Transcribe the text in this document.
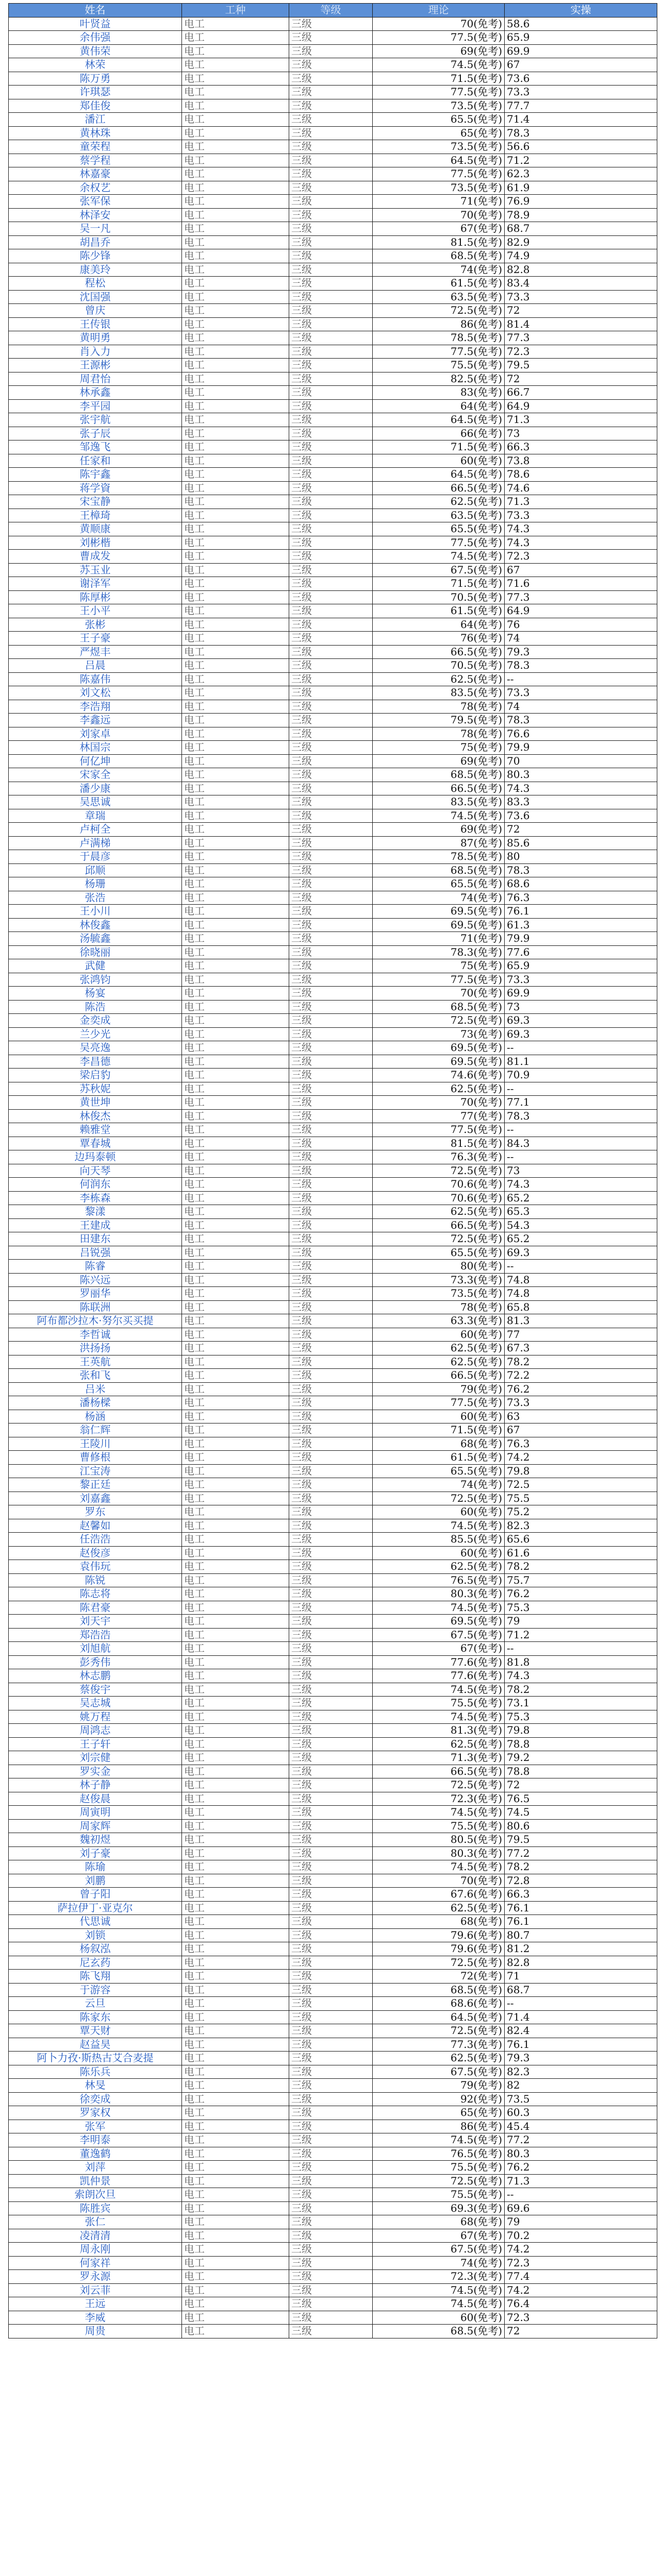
姓名	工种	等级	理论	实操
叶贤益	电工	三级	70(免考)	58.6
余伟强	电工	三级	77.5(免考)	65.9
黄伟荣	电工	三级	69(免考)	69.9
林荣	电工	三级	74.5(免考)	67
陈万勇	电工	三级	71.5(免考)	73.6
许琪瑟	电工	三级	77.5(免考)	73.3
郑佳俊	电工	三级	73.5(免考)	77.7
潘江	电工	三级	65.5(免考)	71.4
黄林珠	电工	三级	65(免考)	78.3
童荣程	电工	三级	73.5(免考)	56.6
蔡学程	电工	三级	64.5(免考)	71.2
林嘉豪	电工	三级	77.5(免考)	62.3
余权艺	电工	三级	73.5(免考)	61.9
张军保	电工	三级	71(免考)	76.9
林泽安	电工	三级	70(免考)	78.9
吴一凡	电工	三级	67(免考)	68.7
胡昌乔	电工	三级	81.5(免考)	82.9
陈少锋	电工	三级	68.5(免考)	74.9
康美玲	电工	三级	74(免考)	82.8
程松	电工	三级	61.5(免考)	83.4
沈国强	电工	三级	63.5(免考)	73.3
曾庆	电工	三级	72.5(免考)	72
王传银	电工	三级	86(免考)	81.4
黄明勇	电工	三级	78.5(免考)	77.3
肖入力	电工	三级	77.5(免考)	72.3
王源彬	电工	三级	75.5(免考)	79.5
周君怡	电工	三级	82.5(免考)	72
林承鑫	电工	三级	83(免考)	66.7
李平园	电工	三级	64(免考)	64.9
张宇航	电工	三级	64.5(免考)	71.3
张子辰	电工	三级	66(免考)	73
邹逸飞	电工	三级	71.5(免考)	66.3
任家和	电工	三级	60(免考)	73.8
陈宇鑫	电工	三级	64.5(免考)	78.6
蒋学資	电工	三级	66.5(免考)	74.6
宋宝静	电工	三级	62.5(免考)	71.3
王樟琦	电工	三级	63.5(免考)	73.3
黄顺康	电工	三级	65.5(免考)	74.3
刘彬楷	电工	三级	77.5(免考)	74.3
曹成发	电工	三级	74.5(免考)	72.3
苏玉业	电工	三级	67.5(免考)	67
谢泽军	电工	三级	71.5(免考)	71.6
陈厚彬	电工	三级	70.5(免考)	77.3
王小平	电工	三级	61.5(免考)	64.9
张彬	电工	三级	64(免考)	76
王子豪	电工	三级	76(免考)	74
严煜丰	电工	三级	66.5(免考)	79.3
吕晨	电工	三级	70.5(免考)	78.3
陈嘉伟	电工	三级	62.5(免考)	--
刘文松	电工	三级	83.5(免考)	73.3
李浩翔	电工	三级	78(免考)	74
李鑫远	电工	三级	79.5(免考)	78.3
刘家卓	电工	三级	78(免考)	76.6
林国宗	电工	三级	75(免考)	79.9
何亿坤	电工	三级	69(免考)	70
宋家全	电工	三级	68.5(免考)	80.3
潘少康	电工	三级	66.5(免考)	74.3
吴思诚	电工	三级	83.5(免考)	83.3
章瑞	电工	三级	74.5(免考)	73.6
卢柯全	电工	三级	69(免考)	72
卢满梯	电工	三级	87(免考)	85.6
于晨彦	电工	三级	78.5(免考)	80
邱顺	电工	三级	68.5(免考)	78.3
杨珊	电工	三级	65.5(免考)	68.6
张浩	电工	三级	74(免考)	76.3
王小川	电工	三级	69.5(免考)	76.1
林俊鑫	电工	三级	69.5(免考)	61.3
汤毓鑫	电工	三级	71(免考)	79.9
徐晓丽	电工	三级	78.3(免考)	77.6
武健	电工	三级	75(免考)	65.9
张鸿钧	电工	三级	77.5(免考)	73.3
杨宴	电工	三级	70(免考)	69.9
陈浩	电工	三级	68.5(免考)	73
金奕成	电工	三级	72.5(免考)	69.3
兰少光	电工	三级	73(免考)	69.3
吴亮逸	电工	三级	69.5(免考)	--
李昌德	电工	三级	69.5(免考)	81.1
梁启豹	电工	三级	74.6(免考)	70.9
苏秋妮	电工	三级	62.5(免考)	--
黄世坤	电工	三级	70(免考)	77.1
林俊杰	电工	三级	77(免考)	78.3
赖雅堂	电工	三级	77.5(免考)	--
覃春城	电工	三级	81.5(免考)	84.3
边玛泰顿	电工	三级	76.3(免考)	--
向天琴	电工	三级	72.5(免考)	73
何润东	电工	三级	70.6(免考)	74.3
李栋森	电工	三级	70.6(免考)	65.2
黎漾	电工	三级	62.5(免考)	65.3
王建成	电工	三级	66.5(免考)	54.3
田建东	电工	三级	72.5(免考)	65.2
吕锐强	电工	三级	65.5(免考)	69.3
陈睿	电工	三级	80(免考)	--
陈兴远	电工	三级	73.3(免考)	74.8
罗丽华	电工	三级	73.5(免考)	74.8
陈联洲	电工	三级	78(免考)	65.8
阿布都沙拉木·努尔买买提	电工	三级	63.3(免考)	81.3
李哲诚	电工	三级	60(免考)	77
洪扬扬	电工	三级	62.5(免考)	67.3
王英航	电工	三级	62.5(免考)	78.2
张和飞	电工	三级	66.5(免考)	72.2
吕米	电工	三级	79(免考)	76.2
潘杨樑	电工	三级	77.5(免考)	73.3
杨涵	电工	三级	60(免考)	63
翁仁辉	电工	三级	71.5(免考)	67
王陵川	电工	三级	68(免考)	76.3
曹修根	电工	三级	61.5(免考)	74.2
江宝涛	电工	三级	65.5(免考)	79.8
黎正廷	电工	三级	74(免考)	72.5
刘嘉鑫	电工	三级	72.5(免考)	75.5
罗东	电工	三级	60(免考)	75.2
赵馨如	电工	三级	74.5(免考)	82.3
任浩浩	电工	三级	85.5(免考)	65.6
赵俊彦	电工	三级	60(免考)	61.6
袁伟玩	电工	三级	62.5(免考)	78.2
陈锐	电工	三级	76.5(免考)	75.7
陈志将	电工	三级	80.3(免考)	76.2
陈君豪	电工	三级	74.5(免考)	75.3
刘天宇	电工	三级	69.5(免考)	79
郑浩浩	电工	三级	67.5(免考)	71.2
刘旭航	电工	三级	67(免考)	--
彭秀伟	电工	三级	77.6(免考)	81.8
林志鹏	电工	三级	77.6(免考)	74.3
蔡俊宇	电工	三级	74.5(免考)	78.2
吴志城	电工	三级	75.5(免考)	73.1
姚万程	电工	三级	74.5(免考)	75.3
周鸿志	电工	三级	81.3(免考)	79.8
王子轩	电工	三级	62.5(免考)	78.8
刘宗健	电工	三级	71.3(免考)	79.2
罗实金	电工	三级	66.5(免考)	78.8
林子静	电工	三级	72.5(免考)	72
赵俊晨	电工	三级	72.3(免考)	76.5
周寅明	电工	三级	74.5(免考)	74.5
周家辉	电工	三级	75.5(免考)	80.6
魏初煜	电工	三级	80.5(免考)	79.5
刘子豪	电工	三级	80.3(免考)	77.2
陈瑜	电工	三级	74.5(免考)	78.2
刘鹏	电工	三级	70(免考)	72.8
曾子阳	电工	三级	67.6(免考)	66.3
萨拉伊丁·亚克尔	电工	三级	62.5(免考)	76.1
代思诚	电工	三级	68(免考)	76.1
刘锁	电工	三级	79.6(免考)	80.7
杨叙泓	电工	三级	79.6(免考)	81.2
尼玄药	电工	三级	72.5(免考)	82.8
陈飞翔	电工	三级	72(免考)	71
于游容	电工	三级	68.5(免考)	68.7
云旦	电工	三级	68.6(免考)	--
陈家东	电工	三级	64.5(免考)	71.4
覃天财	电工	三级	72.5(免考)	82.4
赵益昊	电工	三级	77.3(免考)	76.1
阿卜力孜·斯热古艾合麦提	电工	三级	62.5(免考)	79.3
陈乐兵	电工	三级	67.5(免考)	82.3
林旻	电工	三级	79(免考)	82
徐奕成	电工	三级	92(免考)	73.5
罗家权	电工	三级	65(免考)	60.3
张军	电工	三级	86(免考)	45.4
李明泰	电工	三级	74.5(免考)	77.2
董逸鹤	电工	三级	76.5(免考)	80.3
刘萍	电工	三级	75.5(免考)	76.2
凯仲景	电工	三级	72.5(免考)	71.3
索朗次旦	电工	三级	75.5(免考)	--
陈胜宾	电工	三级	69.3(免考)	69.6
张仁	电工	三级	68(免考)	79
凌清清	电工	三级	67(免考)	70.2
周永刚	电工	三级	67.5(免考)	74.2
何家祥	电工	三级	74(免考)	72.3
罗永源	电工	三级	72.3(免考)	77.4
刘云菲	电工	三级	74.5(免考)	74.2
王远	电工	三级	74.5(免考)	76.4
李威	电工	三级	60(免考)	72.3
周贵	电工	三级	68.5(免考)	72
